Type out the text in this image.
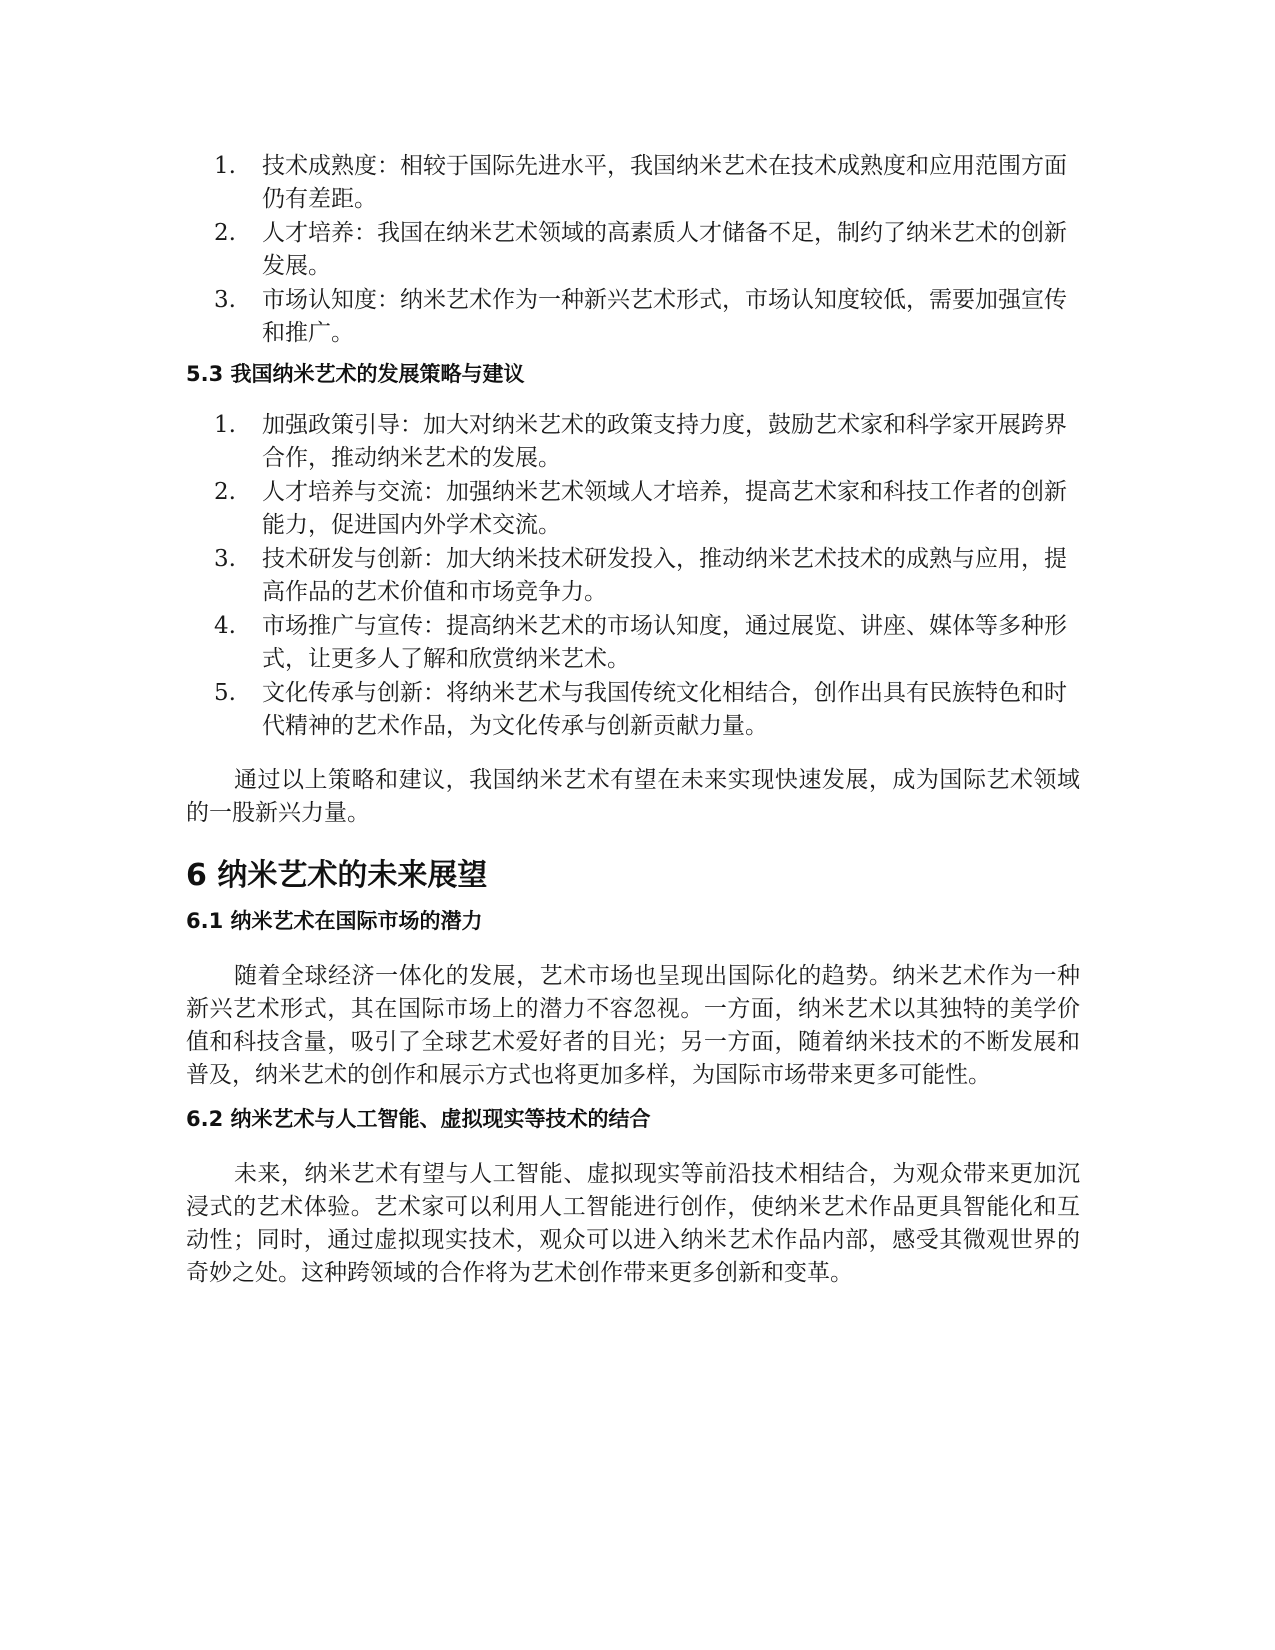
1. 技术成熟度：相较于国际先进水平，我国纳米艺术在技术成熟度和应用范围方面仍有差距。
2. 人才培养：我国在纳米艺术领域的高素质人才储备不足，制约了纳米艺术的创新发展。
3. 市场认知度：纳米艺术作为一种新兴艺术形式，市场认知度较低，需要加强宣传和推广。
5.3 我国纳米艺术的发展策略与建议
1. 加强政策引导：加大对纳米艺术的政策支持力度，鼓励艺术家和科学家开展跨界合作，推动纳米艺术的发展。
2. 人才培养与交流：加强纳米艺术领域人才培养，提高艺术家和科技工作者的创新能力，促进国内外学术交流。
3. 技术研发与创新：加大纳米技术研发投入，推动纳米艺术技术的成熟与应用，提高作品的艺术价值和市场竞争力。
4. 市场推广与宣传：提高纳米艺术的市场认知度，通过展览、讲座、媒体等多种形式，让更多人了解和欣赏纳米艺术。
5. 文化传承与创新：将纳米艺术与我国传统文化相结合，创作出具有民族特色和时代精神的艺术作品，为文化传承与创新贡献力量。

通过以上策略和建议，我国纳米艺术有望在未来实现快速发展，成为国际艺术领域的一股新兴力量。

6 纳米艺术的未来展望
6.1 纳米艺术在国际市场的潜力

随着全球经济一体化的发展，艺术市场也呈现出国际化的趋势。纳米艺术作为一种新兴艺术形式，其在国际市场上的潜力不容忽视。一方面，纳米艺术以其独特的美学价值和科技含量，吸引了全球艺术爱好者的目光；另一方面，随着纳米技术的不断发展和普及，纳米艺术的创作和展示方式也将更加多样，为国际市场带来更多可能性。

6.2 纳米艺术与人工智能、虚拟现实等技术的结合

未来，纳米艺术有望与人工智能、虚拟现实等前沿技术相结合，为观众带来更加沉浸式的艺术体验。艺术家可以利用人工智能进行创作，使纳米艺术作品更具智能化和互动性；同时，通过虚拟现实技术，观众可以进入纳米艺术作品内部，感受其微观世界的奇妙之处。这种跨领域的合作将为艺术创作带来更多创新和变革。
